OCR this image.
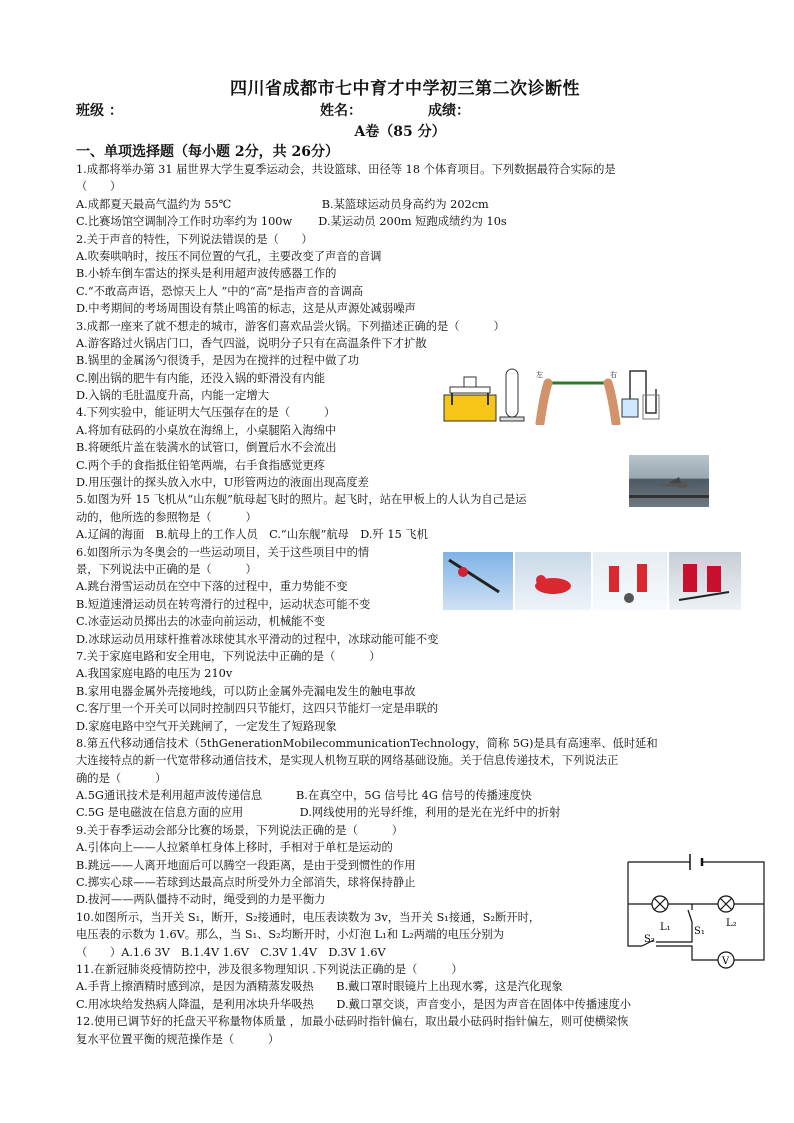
四川省成都市七中育才中学初三第二次诊断性
班级 ：	姓名：	成绩：
A卷（85 分）
一、单项选择题（每小题 2分，共 26分）
1.成都将举办第 31 届世界大学生夏季运动会，共设篮球、田径等 18 个体育项目。下列数据最符合实际的是
（　　）
A.成都夏天最高气温约为 55℃　　　　　　　　B.某篮球运动员身高约为 202cm
C.比赛场馆空调制冷工作时功率约为 100w　　 D.某运动员 200m 短跑成绩约为 10s
2.关于声音的特性，下列说法错误的是（　　）
A.吹奏哄呐时，按压不同位置的气孔，主要改变了声音的音调
B.小轿车倒车雷达的探头是利用超声波传感器工作的
C.“不敢高声语，恐惊天上人 ”中的“高”是指声音的音调高
D.中考期间的考场周围设有禁止鸣笛的标志，这是从声源处减弱噪声
3.成都一座来了就不想走的城市，游客们喜欢品尝火锅。下列描述正确的是（　　　）
A.游客路过火锅店门口，香气四溢，说明分子只有在高温条件下才扩散
B.锅里的金属汤勺很烫手，是因为在搅拌的过程中做了功
C.刚出锅的肥牛有内能，还没入锅的虾滑没有内能
D.入锅的毛肚温度升高，内能一定增大
4.下列实验中，能证明大气压强存在的是（　　　）
A.将加有砝码的小桌放在海绵上，小桌腿陷入海绵中
B.将硬纸片盖在装满水的试管口，倒置后水不会流出
C.两个手的食指抵住铅笔两端，右手食指感觉更疼
D.用压强计的探头放入水中，U形管两边的液面出现高度差
5.如图为歼 15 飞机从“山东舰”航母起飞时的照片。起飞时，站在甲板上的人认为自己是运
动的，他所选的参照物是（　　　）
A.辽阔的海面　B.航母上的工作人员　C.“山东舰”航母　D.歼 15 飞机
6.如图所示为冬奥会的一些运动项目，关于这些项目中的情
景，下列说法中正确的是（　　　）
A.跳台滑雪运动员在空中下落的过程中，重力势能不变
B.短道速滑运动员在转弯滑行的过程中，运动状态可能不变
C.冰壶运动员掷出去的冰壶向前运动，机械能不变
D.冰球运动员用球杆推着冰球使其水平滑动的过程中，冰球动能可能不变
7.关于家庭电路和安全用电，下列说法中正确的是（　　　）
A.我国家庭电路的电压为 210v
B.家用电器金属外壳接地线，可以防止金属外壳漏电发生的触电事故
C.客厅里一个开关可以同时控制四只节能灯，这四只节能灯一定是串联的
D.家庭电路中空气开关跳闸了，一定发生了短路现象
8.第五代移动通信技术（5thGenerationMobilecommunicationTechnology，简称 5G)是具有高速率、低时延和
大连接特点的新一代宽带移动通信技术，是实现人机物互联的网络基础设施。关于信息传递技术，下列说法正
确的是（　　　）
A.5G通讯技术是利用超声波传递信息　　　B.在真空中，5G 信号比 4G 信号的传播速度快
C.5G 是电磁波在信息方面的应用　　　　　D.网线使用的光导纤维，利用的是光在光纤中的折射
9.关于春季运动会部分比赛的场景，下列说法正确的是（　　　）
A.引体向上——人拉紧单杠身体上移时，手相对于单杠是运动的
B.跳远——人离开地面后可以腾空一段距离，是由于受到惯性的作用
C.掷实心球——若球到达最高点时所受外力全部消失，球将保持静止
D.拔河——两队僵持不动时，绳受到的力是平衡力
10.如图所示，当开关 S₁，断开，S₂接通时，电压表读数为 3v，当开关 S₁接通，S₂断开时，
电压表的示数为 1.6V。那么，当 S₁、S₂均断开时，小灯泡 L₁和 L₂两端的电压分别为
（　　）A.1.6 3V　B.1.4V 1.6V　C.3V 1.4V　D.3V 1.6V
11.在新冠肺炎疫情防控中，涉及很多物理知识 .下列说法正确的是（　　　）
A.手背上擦酒精时感到凉，是因为酒精蒸发吸热　　B.戴口罩时眼镜片上出现水雾，这是汽化现象
C.用冰块给发热病人降温，是利用冰块升华吸热　　D.戴口罩交谈，声音变小，是因为声音在固体中传播速度小
12.使用已调节好的托盘天平称量物体质量 ，加最小砝码时指针偏右，取出最小砝码时指针偏左，则可使横梁恢
复水平位置平衡的规范操作是（　　　）
左	右
L₁	L₂
S₁
S₂
V
